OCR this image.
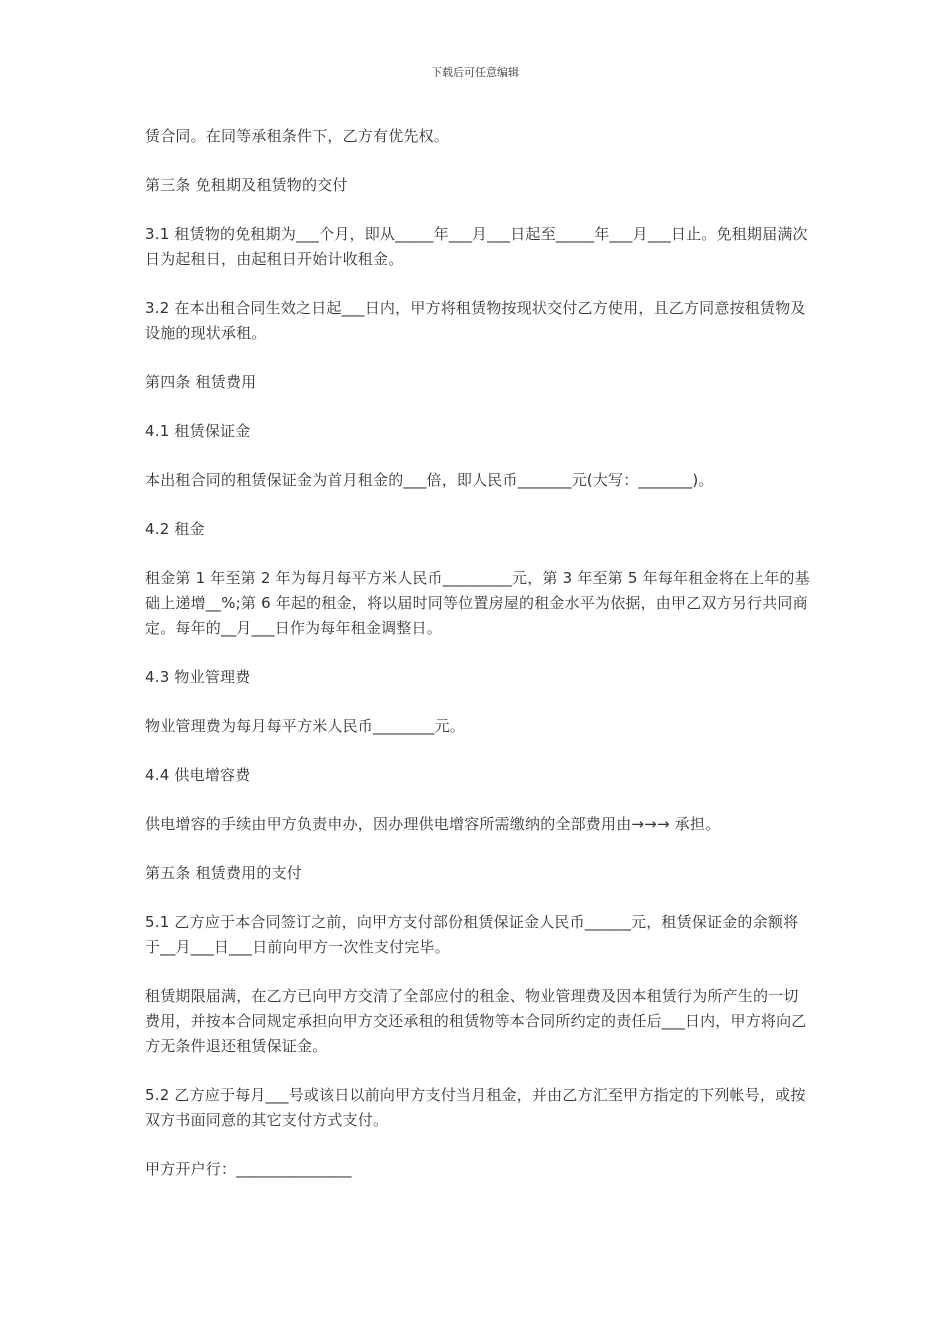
下载后可任意编辑

赁合同。在同等承租条件下，乙方有优先权。

第三条 免租期及租赁物的交付

3.1 租赁物的免租期为___个月，即从_____年___月___日起至_____年___月___日止。免租期届满次日为起租日，由起租日开始计收租金。

3.2 在本出租合同生效之日起___日内，甲方将租赁物按现状交付乙方使用，且乙方同意按租赁物及设施的现状承租。

第四条 租赁费用

4.1 租赁保证金

本出租合同的租赁保证金为首月租金的___倍，即人民币_______元(大写：_______)。

4.2 租金

租金第 1 年至第 2 年为每月每平方米人民币_________元，第 3 年至第 5 年每年租金将在上年的基础上递增__%;第 6 年起的租金，将以届时同等位置房屋的租金水平为依据，由甲乙双方另行共同商定。每年的__月___日作为每年租金调整日。

4.3 物业管理费

物业管理费为每月每平方米人民币________元。

4.4 供电增容费

供电增容的手续由甲方负责申办，因办理供电增容所需缴纳的全部费用由→→→ 承担。

第五条 租赁费用的支付

5.1 乙方应于本合同签订之前，向甲方支付部份租赁保证金人民币______元，租赁保证金的余额将于__月___日___日前向甲方一次性支付完毕。

租赁期限届满，在乙方已向甲方交清了全部应付的租金、物业管理费及因本租赁行为所产生的一切费用，并按本合同规定承担向甲方交还承租的租赁物等本合同所约定的责任后___日内，甲方将向乙方无条件退还租赁保证金。

5.2 乙方应于每月___号或该日以前向甲方支付当月租金，并由乙方汇至甲方指定的下列帐号，或按双方书面同意的其它支付方式支付。

甲方开户行：_______________
